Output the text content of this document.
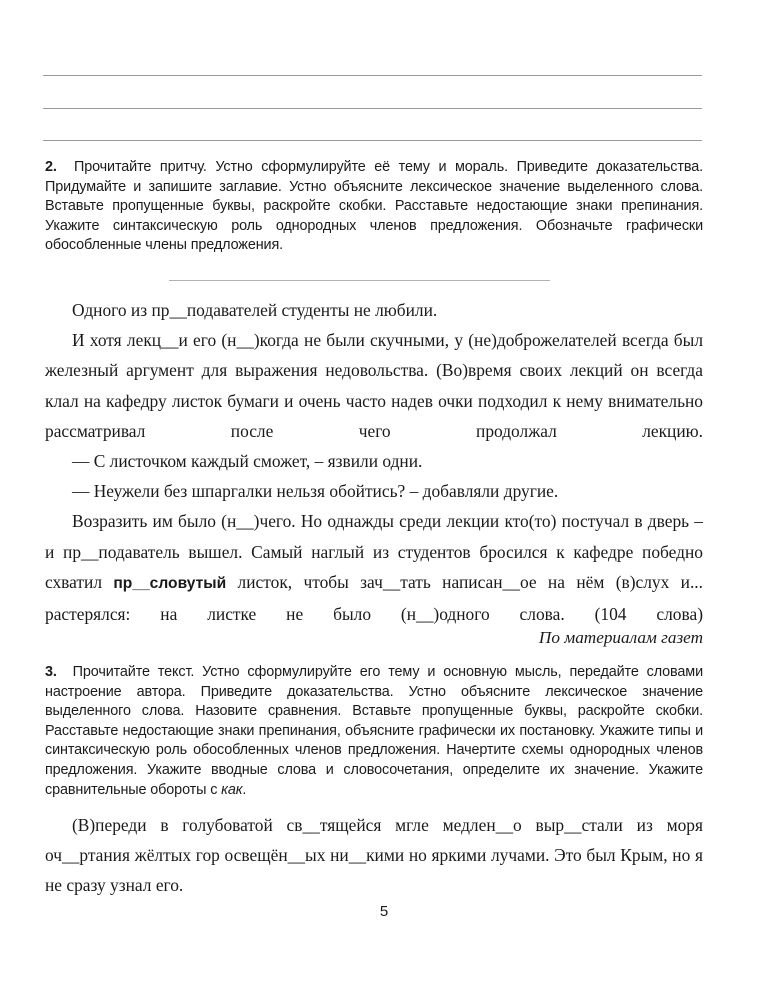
2. Прочитайте притчу. Устно сформулируйте её тему и мораль. Приведите доказательства. Придумайте и запишите заглавие. Устно объясните лексическое значение выделенного слова. Вставьте пропущенные буквы, раскройте скобки. Расставьте недостающие знаки препинания. Укажите синтаксическую роль однородных членов предложения. Обозначьте графически обособленные члены предложения.

Одного из пр__подавателей студенты не любили.

И хотя лекц__и его (н__)когда не были скучными, у (не)доброжелателей всегда был железный аргумент для выражения недовольства. (Во)время своих лекций он всегда клал на кафедру листок бумаги и очень часто надев очки подходил к нему внимательно рассматривал после чего продолжал лекцию.

— С листочком каждый сможет, – язвили одни.

— Неужели без шпаргалки нельзя обойтись? – добавляли другие.

Возразить им было (н__)чего. Но однажды среди лекции кто(то) постучал в дверь – и пр__подаватель вышел. Самый наглый из студентов бросился к кафедре победно схватил пр__словутый листок, чтобы зач__тать написан__ое на нём (в)слух и... растерялся: на листке не было (н__)одного слова. (104 слова)

По материалам газет
3. Прочитайте текст. Устно сформулируйте его тему и основную мысль, передайте словами настроение автора. Приведите доказательства. Устно объясните лексическое значение выделенного слова. Назовите сравнения. Вставьте пропущенные буквы, раскройте скобки. Расставьте недостающие знаки препинания, объясните графически их постановку. Укажите типы и синтаксическую роль обособленных членов предложения. Начертите схемы однородных членов предложения. Укажите вводные слова и словосочетания, определите их значение. Укажите сравнительные обороты с как.

(В)переди в голубоватой св__тящейся мгле медлен__о выр__стали из моря оч__ртания жёлтых гор освещён__ых ни__кими но яркими лучами. Это был Крым, но я не сразу узнал его.

5
